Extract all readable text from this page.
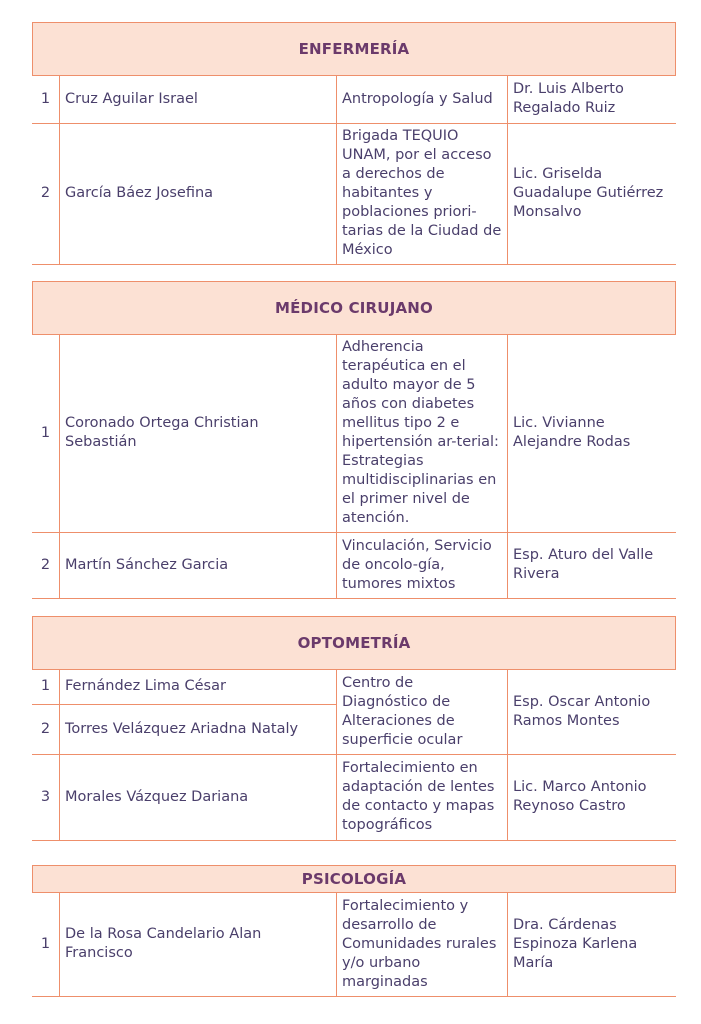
ENFERMERÍA
1	Cruz Aguilar Israel	Antropología y Salud	Dr. Luis Alberto Regalado Ruiz
2	García Báez Josefina	Brigada TEQUIO UNAM, por el acceso a derechos de habitantes y poblaciones priori-tarias de la Ciudad de México	Lic. Griselda Guadalupe Gutiérrez Monsalvo
MÉDICO CIRUJANO
1	Coronado Ortega Christian Sebastián	Adherencia terapéutica en el adulto mayor de 5 años con diabetes mellitus tipo 2 e hipertensión ar-terial: Estrategias multidisciplinarias en el primer nivel de atención.	Lic. Vivianne Alejandre Rodas
2	Martín Sánchez Garcia	Vinculación, Servicio de oncolo-gía, tumores mixtos	Esp. Aturo del Valle Rivera
OPTOMETRÍA
1	Fernández Lima César	Centro de Diagnóstico de Alteraciones de superficie ocular	Esp. Oscar Antonio Ramos Montes
2	Torres Velázquez Ariadna Nataly		
3	Morales Vázquez Dariana	Fortalecimiento en adaptación de lentes de contacto y mapas topográficos	Lic. Marco Antonio Reynoso Castro
PSICOLOGÍA
1	De la Rosa Candelario Alan Francisco	Fortalecimiento y desarrollo de Comunidades rurales y/o urbano marginadas	Dra. Cárdenas Espinoza Karlena María
